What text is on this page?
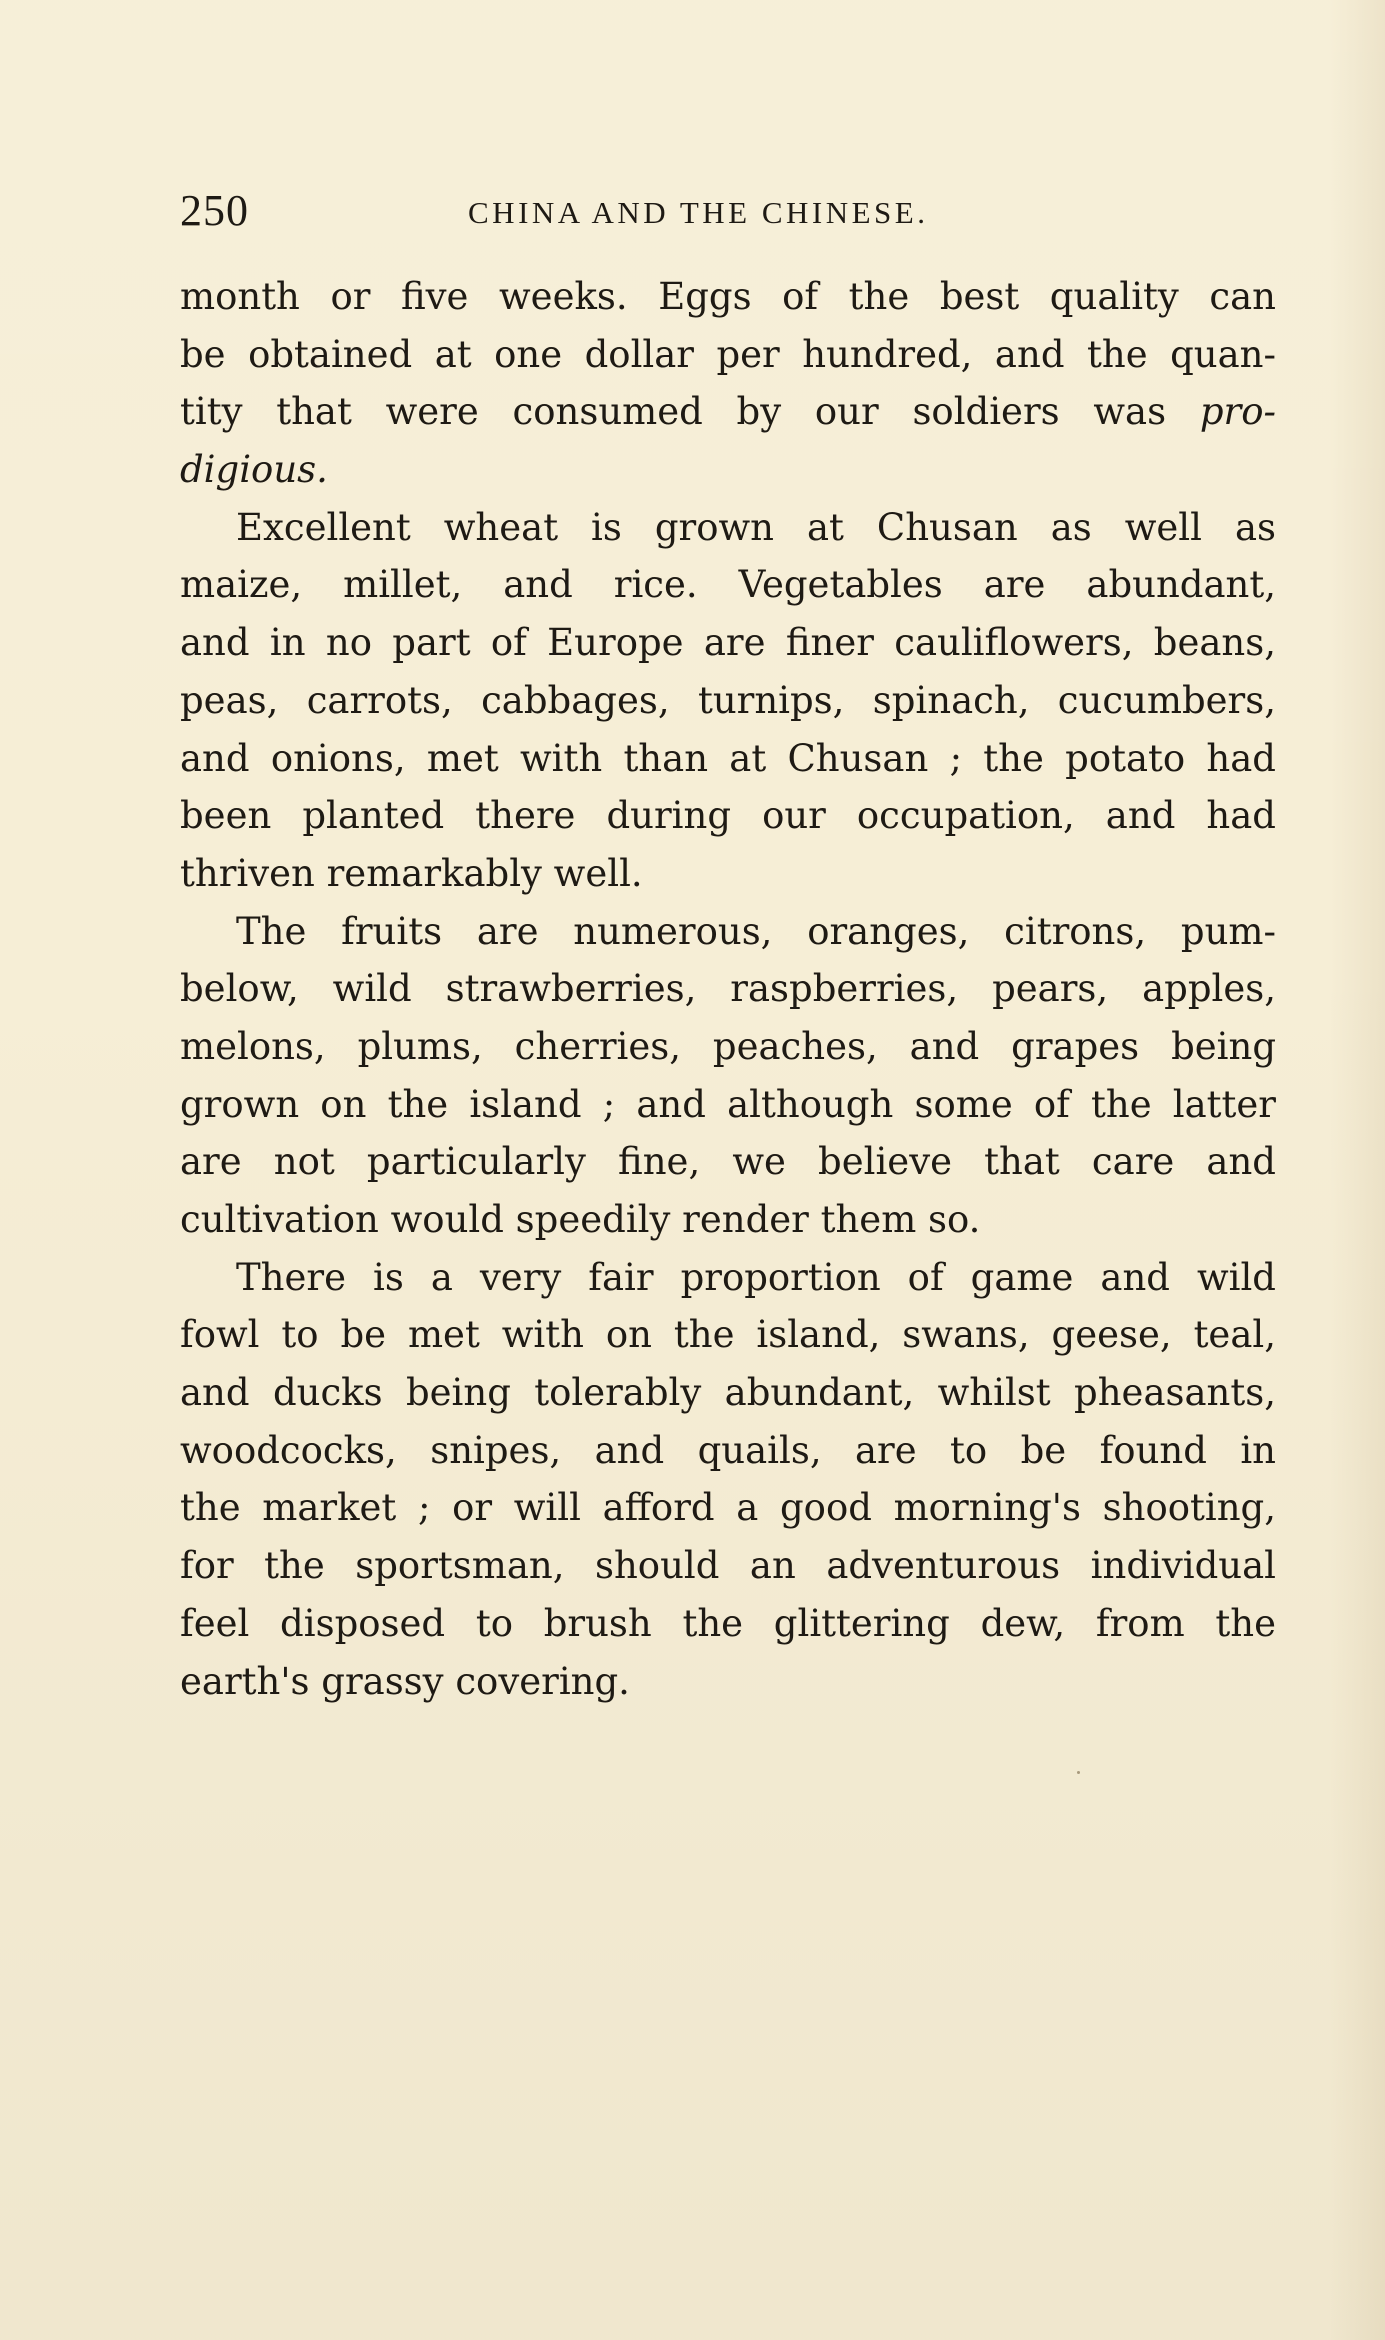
250	CHINA AND THE CHINESE.
month or five weeks. Eggs of the best quality can
be obtained at one dollar per hundred, and the quan-
tity that were consumed by our soldiers was pro-
digious.
Excellent wheat is grown at Chusan as well as
maize, millet, and rice. Vegetables are abundant,
and in no part of Europe are finer cauliflowers, beans,
peas, carrots, cabbages, turnips, spinach, cucumbers,
and onions, met with than at Chusan ; the potato had
been planted there during our occupation, and had
thriven remarkably well.
The fruits are numerous, oranges, citrons, pum-
below, wild strawberries, raspberries, pears, apples,
melons, plums, cherries, peaches, and grapes being
grown on the island ; and although some of the latter
are not particularly fine, we believe that care and
cultivation would speedily render them so.
There is a very fair proportion of game and wild
fowl to be met with on the island, swans, geese, teal,
and ducks being tolerably abundant, whilst pheasants,
woodcocks, snipes, and quails, are to be found in
the market ; or will afford a good morning's shooting,
for the sportsman, should an adventurous individual
feel disposed to brush the glittering dew, from the
earth's grassy covering.
